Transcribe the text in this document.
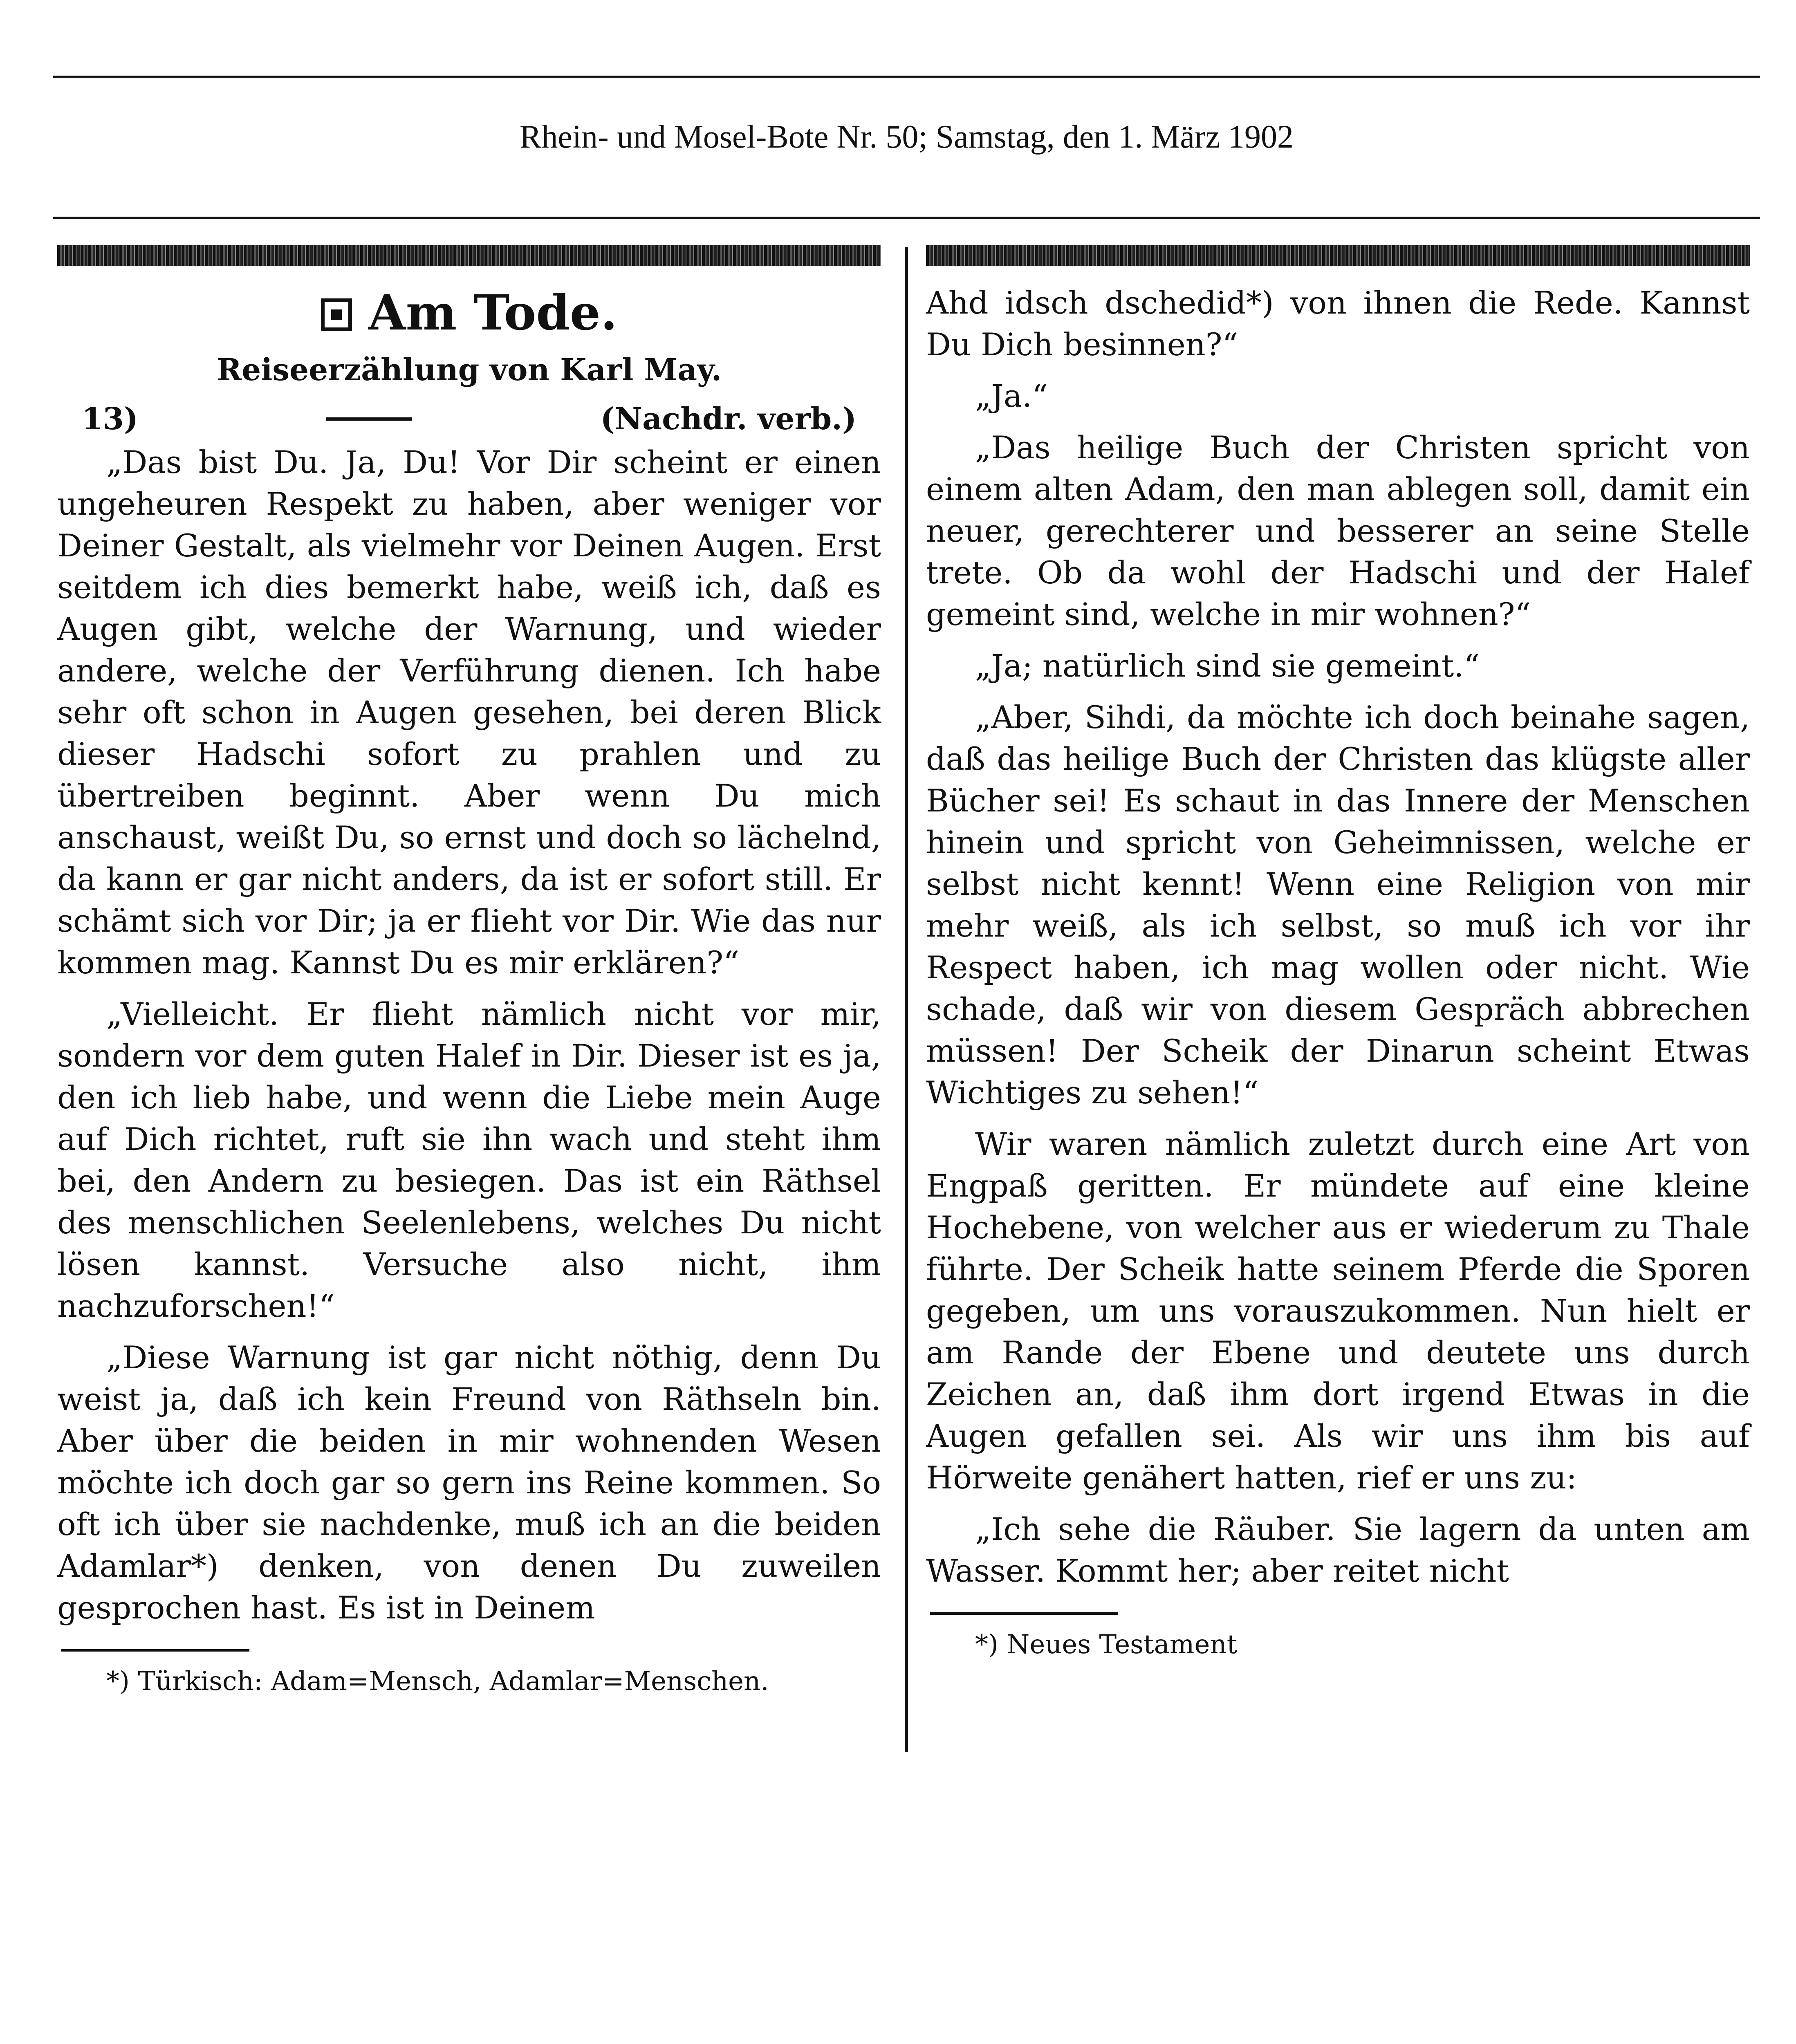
Rhein- und Mosel-Bote Nr. 50; Samstag, den 1. März 1902
Am Tode.
Reiseerzählung von Karl May.
13)	(Nachdr. verb.)

„Das bist Du. Ja, Du! Vor Dir scheint er einen ungeheuren Respekt zu haben, aber weniger vor Deiner Gestalt, als vielmehr vor Deinen Augen. Erst seitdem ich dies bemerkt habe, weiß ich, daß es Augen gibt, welche der Warnung, und wieder andere, welche der Verführung dienen. Ich habe sehr oft schon in Augen gesehen, bei deren Blick dieser Hadschi sofort zu prahlen und zu übertreiben beginnt. Aber wenn Du mich anschaust, weißt Du, so ernst und doch so lächelnd, da kann er gar nicht anders, da ist er sofort still. Er schämt sich vor Dir; ja er flieht vor Dir. Wie das nur kommen mag. Kannst Du es mir erklären?“

„Vielleicht. Er flieht nämlich nicht vor mir, sondern vor dem guten Halef in Dir. Dieser ist es ja, den ich lieb habe, und wenn die Liebe mein Auge auf Dich richtet, ruft sie ihn wach und steht ihm bei, den Andern zu besiegen. Das ist ein Räthsel des menschlichen Seelenlebens, welches Du nicht lösen kannst. Versuche also nicht, ihm nachzuforschen!“

„Diese Warnung ist gar nicht nöthig, denn Du weist ja, daß ich kein Freund von Räthseln bin. Aber über die beiden in mir wohnenden Wesen möchte ich doch gar so gern ins Reine kommen. So oft ich über sie nachdenke, muß ich an die beiden Adamlar*) denken, von denen Du zuweilen gesprochen hast. Es ist in Deinem

*) Türkisch: Adam=Mensch, Adamlar=Menschen.

Ahd idsch dschedid*) von ihnen die Rede. Kannst Du Dich besinnen?“

„Ja.“

„Das heilige Buch der Christen spricht von einem alten Adam, den man ablegen soll, damit ein neuer, gerechterer und besserer an seine Stelle trete. Ob da wohl der Hadschi und der Halef gemeint sind, welche in mir wohnen?“

„Ja; natürlich sind sie gemeint.“

„Aber, Sihdi, da möchte ich doch beinahe sagen, daß das heilige Buch der Christen das klügste aller Bücher sei! Es schaut in das Innere der Menschen hinein und spricht von Geheimnissen, welche er selbst nicht kennt! Wenn eine Religion von mir mehr weiß, als ich selbst, so muß ich vor ihr Respect haben, ich mag wollen oder nicht. Wie schade, daß wir von diesem Gespräch abbrechen müssen! Der Scheik der Dinarun scheint Etwas Wichtiges zu sehen!“

Wir waren nämlich zuletzt durch eine Art von Engpaß geritten. Er mündete auf eine kleine Hochebene, von welcher aus er wiederum zu Thale führte. Der Scheik hatte seinem Pferde die Sporen gegeben, um uns vorauszukommen. Nun hielt er am Rande der Ebene und deutete uns durch Zeichen an, daß ihm dort irgend Etwas in die Augen gefallen sei. Als wir uns ihm bis auf Hörweite genähert hatten, rief er uns zu:

„Ich sehe die Räuber. Sie lagern da unten am Wasser. Kommt her; aber reitet nicht

*) Neues Testament
